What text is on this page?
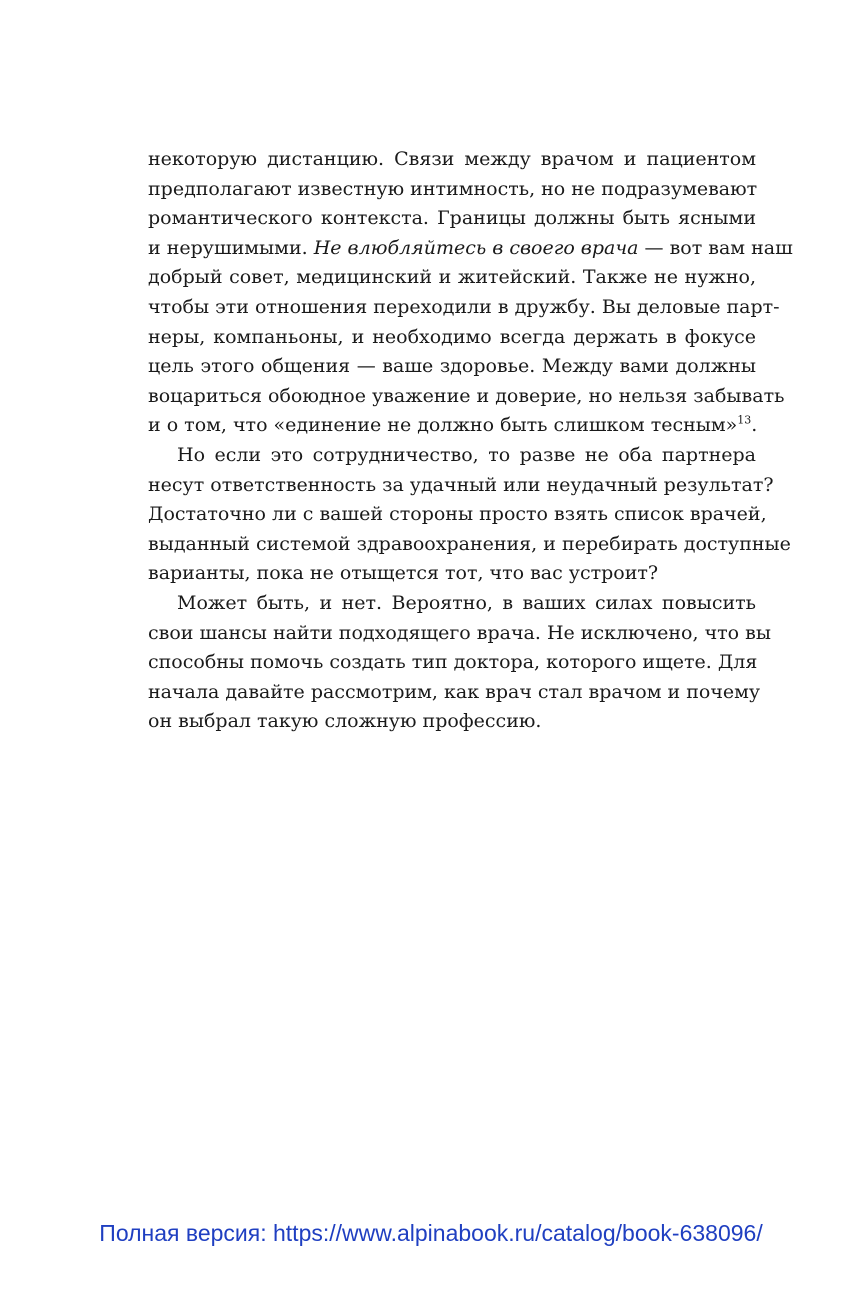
некоторую дистанцию. Связи между врачом и пациентом
предполагают известную интимность, но не подразумевают
романтического контекста. Границы должны быть ясными
и нерушимыми. Не влюбляйтесь в своего врача — вот вам наш
добрый совет, медицинский и житейский. Также не нужно,
чтобы эти отношения переходили в дружбу. Вы деловые парт-
неры, компаньоны, и необходимо всегда держать в фокусе
цель этого общения — ваше здоровье. Между вами должны
воцариться обоюдное уважение и доверие, но нельзя забывать
и о том, что «единение не должно быть слишком тесным»$^{13}$.
Но если это сотрудничество, то разве не оба партнера
несут ответственность за удачный или неудачный результат?
Достаточно ли с вашей стороны просто взять список врачей,
выданный системой здравоохранения, и перебирать доступные
варианты, пока не отыщется тот, что вас устроит?
Может быть, и нет. Вероятно, в ваших силах повысить
свои шансы найти подходящего врача. Не исключено, что вы
способны помочь создать тип доктора, которого ищете. Для
начала давайте рассмотрим, как врач стал врачом и почему
он выбрал такую сложную профессию.
Полная версия: https://www.alpinabook.ru/catalog/book-638096/
